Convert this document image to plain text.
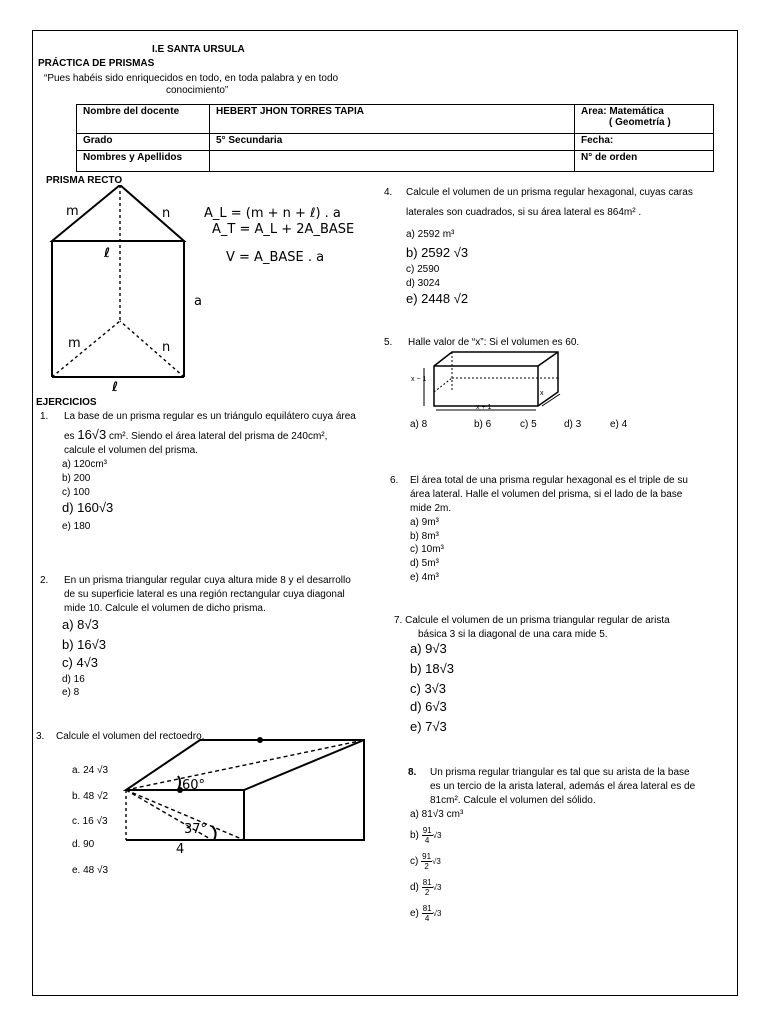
I.E SANTA URSULA
PRÁCTICA DE PRISMAS
“Pues habéis sido enriquecidos en todo, en toda palabra y en todo
conocimiento”
Nombre del docente	HEBERT JHON TORRES TAPIA	Area: Matemática
( Geometría )

Grado	5° Secundaria	Fecha:
Nombres y Apellidos		N° de orden
PRISMA RECTO
m	n
ℓ
a
m	n
ℓ
A_L = (m + n + ℓ) . a
A_T = A_L + 2A_BASE
V = A_BASE . a
EJERCICIOS
1. La base de un prisma regular es un triángulo equilátero cuya área
es 16√3 cm². Siendo el área lateral del prisma de 240cm²,
calcule el volumen del prisma.
a) 120cm³
b) 200
c) 100
d) 160√3
e) 180
2. En un prisma triangular regular cuya altura mide 8 y el desarrollo
de su superficie lateral es una región rectangular cuya diagonal
mide 10. Calcule el volumen de dicho prisma.
a) 8√3
b) 16√3
c) 4√3
d) 16
e) 8
3. Calcule el volumen del rectoedro.
a. 24 √3
b. 48 √2
c. 16 √3
d. 90
e. 48 √3
60°
37°
4
4. Calcule el volumen de un prisma regular hexagonal, cuyas caras
laterales son cuadrados, si su área lateral es 864m² .
a) 2592 m³
b) 2592 √3
c) 2590
d) 3024
e) 2448 √2
5. Halle valor de “x”: Si el volumen es 60.
x − 1
x + 1
x
a) 8	b) 6	c) 5	d) 3	e) 4
6. El área total de una prisma regular hexagonal es el triple de su
área lateral. Halle el volumen del prisma, si el lado de la base
mide 2m.
a) 9m³
b) 8m³
c) 10m³
d) 5m³
e) 4m³
7. Calcule el volumen de un prisma triangular regular de arista
básica 3 si la diagonal de una cara mide 5.
a) 9√3
b) 18√3
c) 3√3
d) 6√3
e) 7√3
8. Un prisma regular triangular es tal que su arista de la base
es un tercio de la arista lateral, además el área lateral es de
81cm². Calcule el volumen del sólido.
a) 81√3 cm³
$b) \frac{91}{4} √3$
$c) \frac{91}{2} √3$
$d) \frac{81}{2} √3$
$e) \frac{81}{4} √3$
